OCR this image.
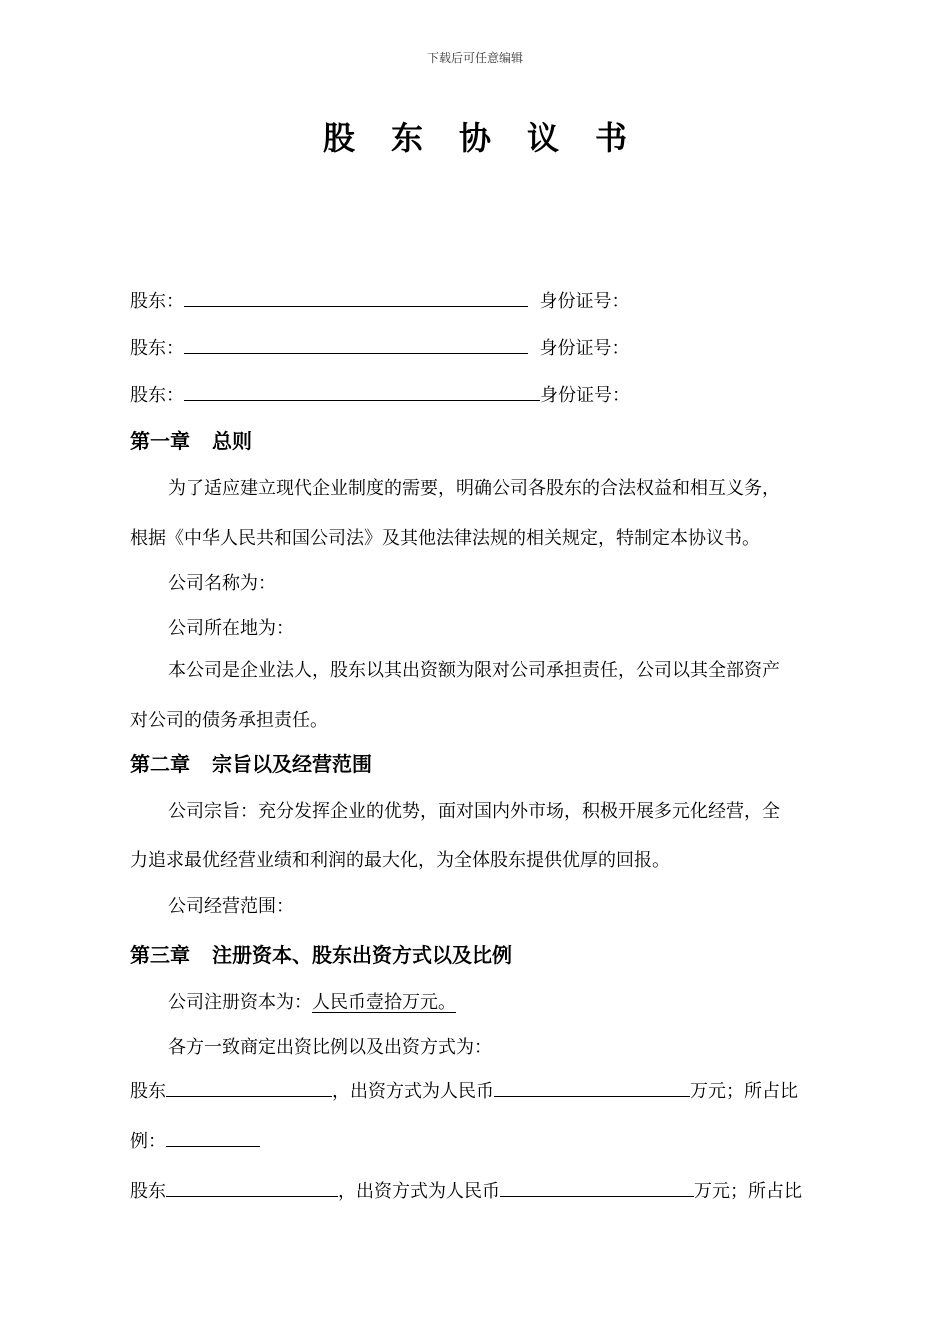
下载后可任意编辑
股东协议书
股东：	身份证号：
股东：	身份证号：
股东：	身份证号：
第一章 总则
为了适应建立现代企业制度的需要，明确公司各股东的合法权益和相互义务，
根据《中华人民共和国公司法》及其他法律法规的相关规定，特制定本协议书。
公司名称为：
公司所在地为：
本公司是企业法人，股东以其出资额为限对公司承担责任，公司以其全部资产
对公司的债务承担责任。
第二章 宗旨以及经营范围
公司宗旨：充分发挥企业的优势，面对国内外市场，积极开展多元化经营，全
力追求最优经营业绩和利润的最大化，为全体股东提供优厚的回报。
公司经营范围：
第三章 注册资本、股东出资方式以及比例
公司注册资本为：人民币壹拾万元。
各方一致商定出资比例以及出资方式为：
股东	，出资方式为人民币	万元；所占比
例：
股东	，出资方式为人民币	万元；所占比
